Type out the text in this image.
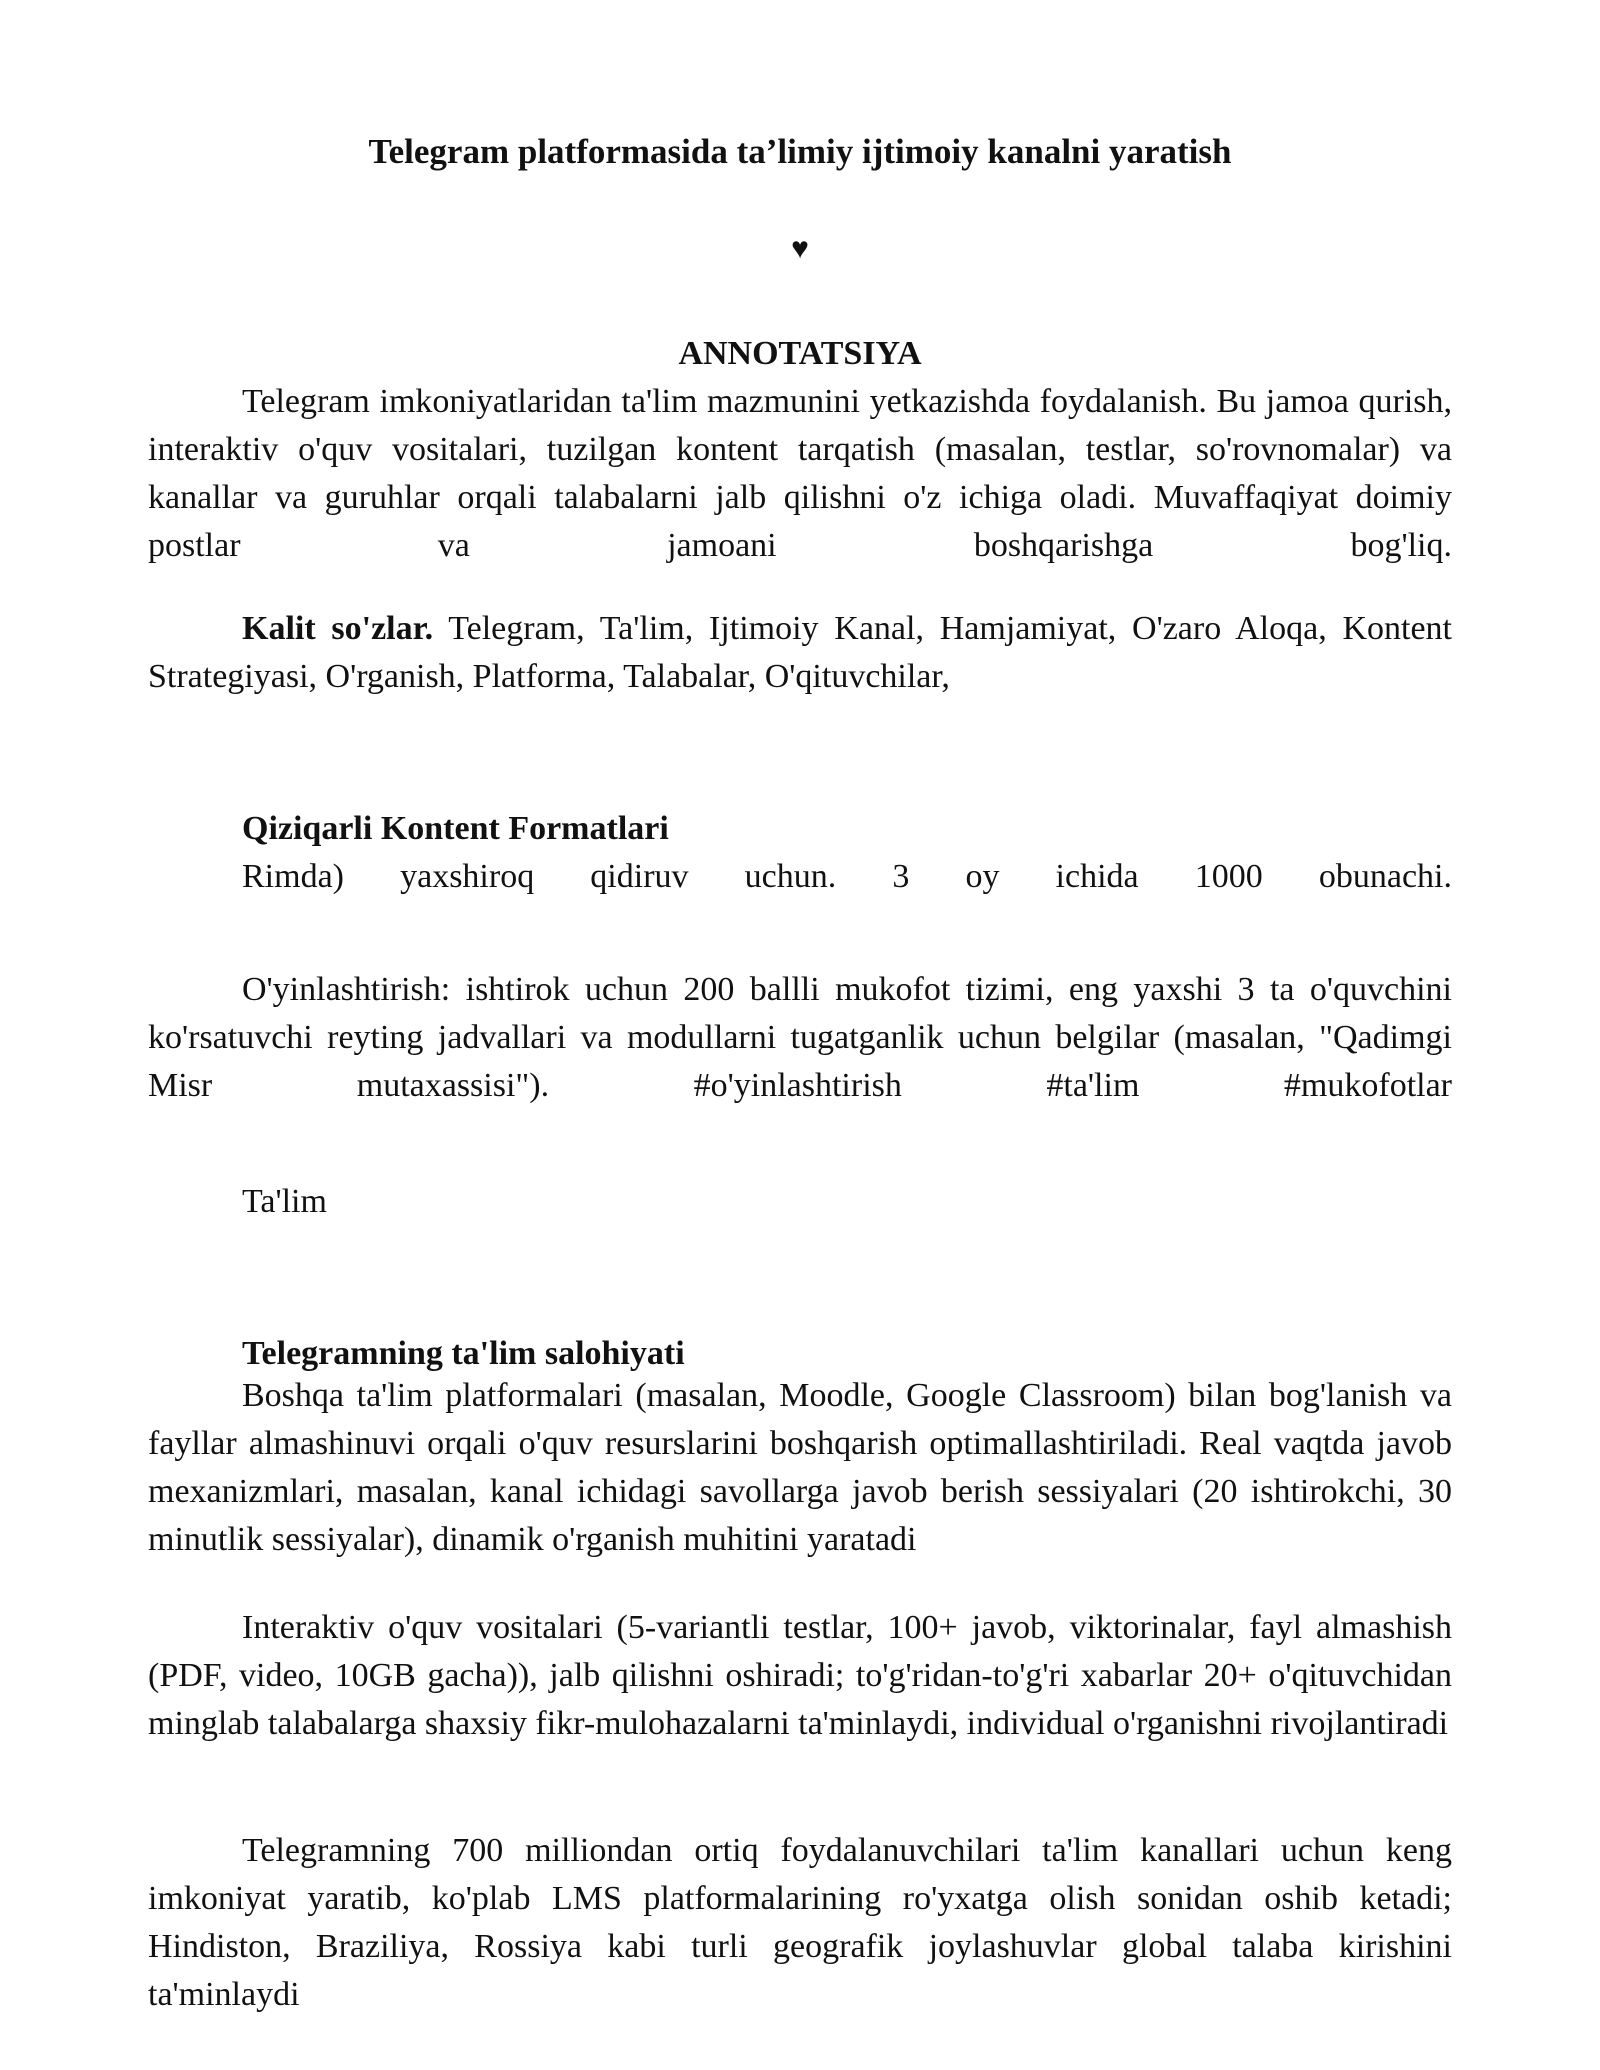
Telegram platformasida ta’limiy ijtimoiy kanalni yaratish
♥
ANNOTATSIYA
Telegram imkoniyatlaridan ta'lim mazmunini yetkazishda foydalanish. Bu jamoa qurish, interaktiv o'quv vositalari, tuzilgan kontent tarqatish (masalan, testlar, so'rovnomalar) va kanallar va guruhlar orqali talabalarni jalb qilishni o'z ichiga oladi. Muvaffaqiyat doimiy postlar va jamoani boshqarishga bog'liq.
Kalit so'zlar. Telegram, Ta'lim, Ijtimoiy Kanal, Hamjamiyat, O'zaro Aloqa, Kontent Strategiyasi, O'rganish, Platforma, Talabalar, O'qituvchilar,
Qiziqarli Kontent Formatlari
Rimda) yaxshiroq qidiruv uchun. 3 oy ichida 1000 obunachi.
O'yinlashtirish: ishtirok uchun 200 ballli mukofot tizimi, eng yaxshi 3 ta o'quvchini ko'rsatuvchi reyting jadvallari va modullarni tugatganlik uchun belgilar (masalan, "Qadimgi Misr mutaxassisi"). #o'yinlashtirish #ta'lim #mukofotlar
Ta'lim
Telegramning ta'lim salohiyati
Boshqa ta'lim platformalari (masalan, Moodle, Google Classroom) bilan bog'lanish va fayllar almashinuvi orqali o'quv resurslarini boshqarish optimallashtiriladi. Real vaqtda javob mexanizmlari, masalan, kanal ichidagi savollarga javob berish sessiyalari (20 ishtirokchi, 30 minutlik sessiyalar), dinamik o'rganish muhitini yaratadi
Interaktiv o'quv vositalari (5-variantli testlar, 100+ javob, viktorinalar, fayl almashish (PDF, video, 10GB gacha)), jalb qilishni oshiradi; to'g'ridan-to'g'ri xabarlar 20+ o'qituvchidan minglab talabalarga shaxsiy fikr-mulohazalarni ta'minlaydi, individual o'rganishni rivojlantiradi
Telegramning 700 milliondan ortiq foydalanuvchilari ta'lim kanallari uchun keng imkoniyat yaratib, ko'plab LMS platformalarining ro'yxatga olish sonidan oshib ketadi; Hindiston, Braziliya, Rossiya kabi turli geografik joylashuvlar global talaba kirishini ta'minlaydi
